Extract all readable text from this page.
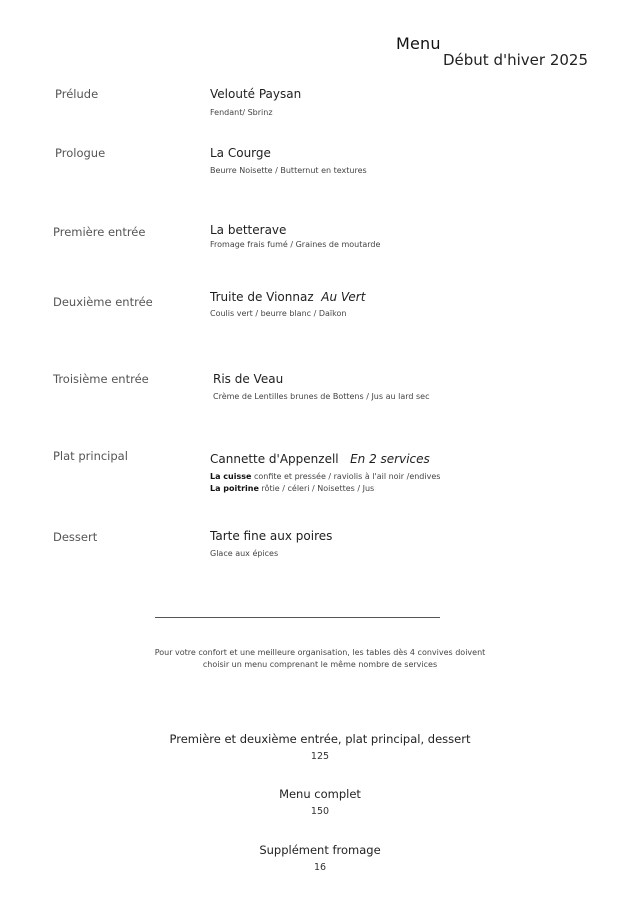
Menu
Début d'hiver 2025
Prélude	Velouté Paysan
Fendant/ Sbrinz
Prologue	La Courge
Beurre Noisette / Butternut en textures
Première entrée	La betterave
Fromage frais fumé / Graines de moutarde
Deuxième entrée	Truite de Vionnaz Au Vert
Coulis vert / beurre blanc / Daïkon
Troisième entrée	Ris de Veau
Crème de Lentilles brunes de Bottens / Jus au lard sec
Plat principal	Cannette d'Appenzell En 2 services
La cuisse confite et pressée / raviolis à l'ail noir /endives
La poitrine rôtie / céleri / Noisettes / Jus
Dessert	Tarte fine aux poires
Glace aux épices
Pour votre confort et une meilleure organisation, les tables dès 4 convives doivent
choisir un menu comprenant le même nombre de services
Première et deuxième entrée, plat principal, dessert
125
Menu complet
150
Supplément fromage
16
